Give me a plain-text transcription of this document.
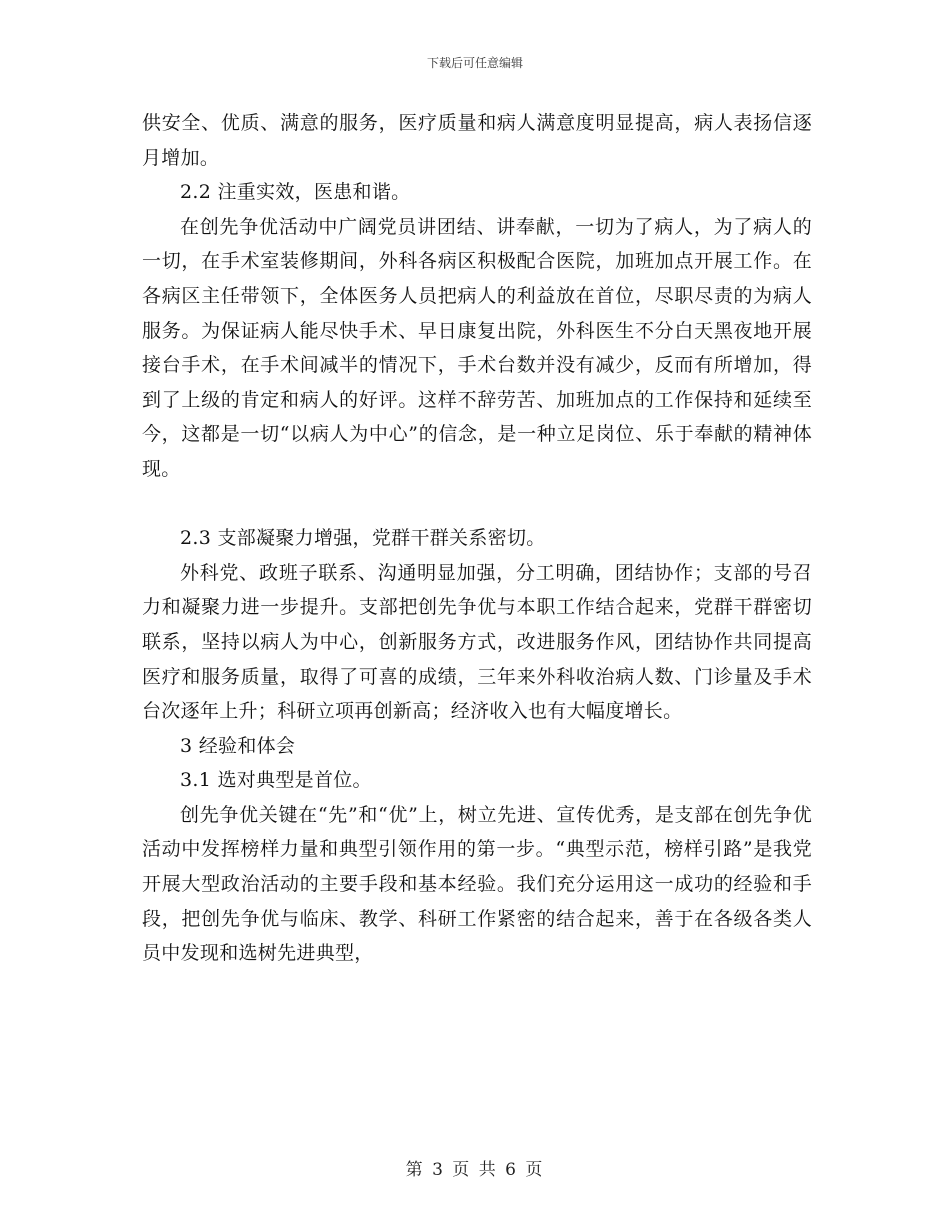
下载后可任意编辑

供安全、优质、满意的服务，医疗质量和病人满意度明显提高，病人表扬信逐月增加。

2.2 注重实效，医患和谐。

在创先争优活动中广阔党员讲团结、讲奉献，一切为了病人，为了病人的一切，在手术室装修期间，外科各病区积极配合医院，加班加点开展工作。在各病区主任带领下，全体医务人员把病人的利益放在首位，尽职尽责的为病人服务。为保证病人能尽快手术、早日康复出院，外科医生不分白天黑夜地开展接台手术，在手术间减半的情况下，手术台数并没有减少，反而有所增加，得到了上级的肯定和病人的好评。这样不辞劳苦、加班加点的工作保持和延续至今，这都是一切“以病人为中心”的信念，是一种立足岗位、乐于奉献的精神体现。

2.3 支部凝聚力增强，党群干群关系密切。

外科党、政班子联系、沟通明显加强，分工明确，团结协作；支部的号召力和凝聚力进一步提升。支部把创先争优与本职工作结合起来，党群干群密切联系，坚持以病人为中心，创新服务方式，改进服务作风，团结协作共同提高医疗和服务质量，取得了可喜的成绩，三年来外科收治病人数、门诊量及手术台次逐年上升；科研立项再创新高；经济收入也有大幅度增长。

3 经验和体会

3.1 选对典型是首位。

创先争优关键在“先”和“优”上，树立先进、宣传优秀，是支部在创先争优活动中发挥榜样力量和典型引领作用的第一步。“典型示范，榜样引路”是我党开展大型政治活动的主要手段和基本经验。我们充分运用这一成功的经验和手段，把创先争优与临床、教学、科研工作紧密的结合起来，善于在各级各类人员中发现和选树先进典型，

第 3 页 共 6 页
